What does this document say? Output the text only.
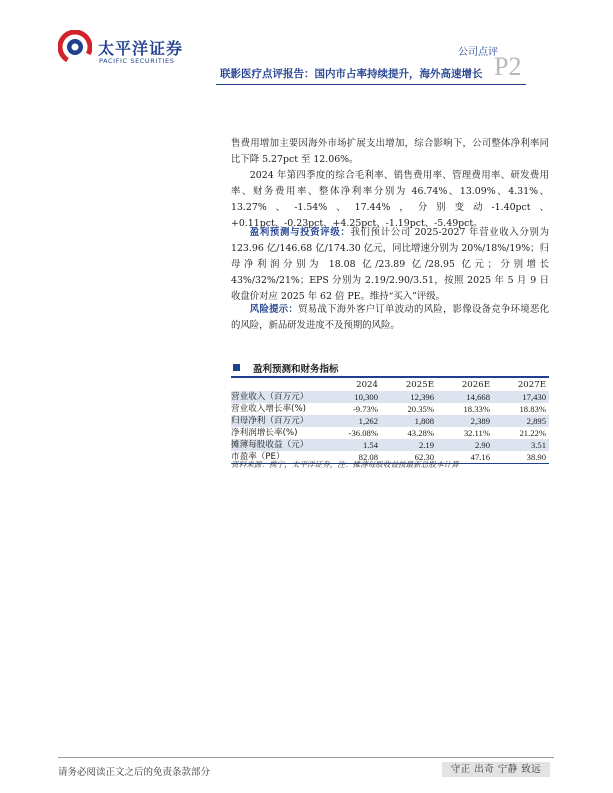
太平洋证券
PACIFIC SECURITIES
公司点评
P2
联影医疗点评报告：国内市占率持续提升，海外高速增长

售费用增加主要因海外市场扩展支出增加，综合影响下，公司整体净利率同比下降 5.27pct 至 12.06%。

2024 年第四季度的综合毛利率、销售费用率、管理费用率、研发费用率、财务费用率、整体净利率分别为 46.74%、13.09%、4.31%、13.27%、-1.54%、17.44%，分别变动-1.40pct、+0.11pct、-0.23pct、+4.25pct、-1.19pct、-5.49pct。

盈利预测与投资评级：我们预计公司 2025-2027 年营业收入分别为 123.96 亿/146.68 亿/174.30 亿元，同比增速分别为 20%/18%/19%；归母净利润分别为 18.08 亿/23.89 亿/28.95 亿元；分别增长 43%/32%/21%；EPS 分别为 2.19/2.90/3.51，按照 2025 年 5 月 9 日收盘价对应 2025 年 62 倍 PE。维持“买入”评级。

风险提示：贸易战下海外客户订单波动的风险，影像设备竞争环境恶化的风险，新品研发进度不及预期的风险。

盈利预测和财务指标
	2024	2025E	2026E	2027E
营业收入（百万元）	10,300	12,396	14,668	17,430
营业收入增长率(%)	-9.73%	20.35%	18.33%	18.83%
归母净利（百万元）	1,262	1,808	2,389	2,895
净利润增长率(%)	-36.08%	43.28%	32.11%	21.22%
摊薄每股收益（元）	1.54	2.19	2.90	3.51
市盈率（PE）	82.08	62.30	47.16	38.90
资料来源：携宁，太平洋证券，注：摊薄每股收益按最新总股本计算
请务必阅读正文之后的免责条款部分	守正 出奇 宁静 致远
